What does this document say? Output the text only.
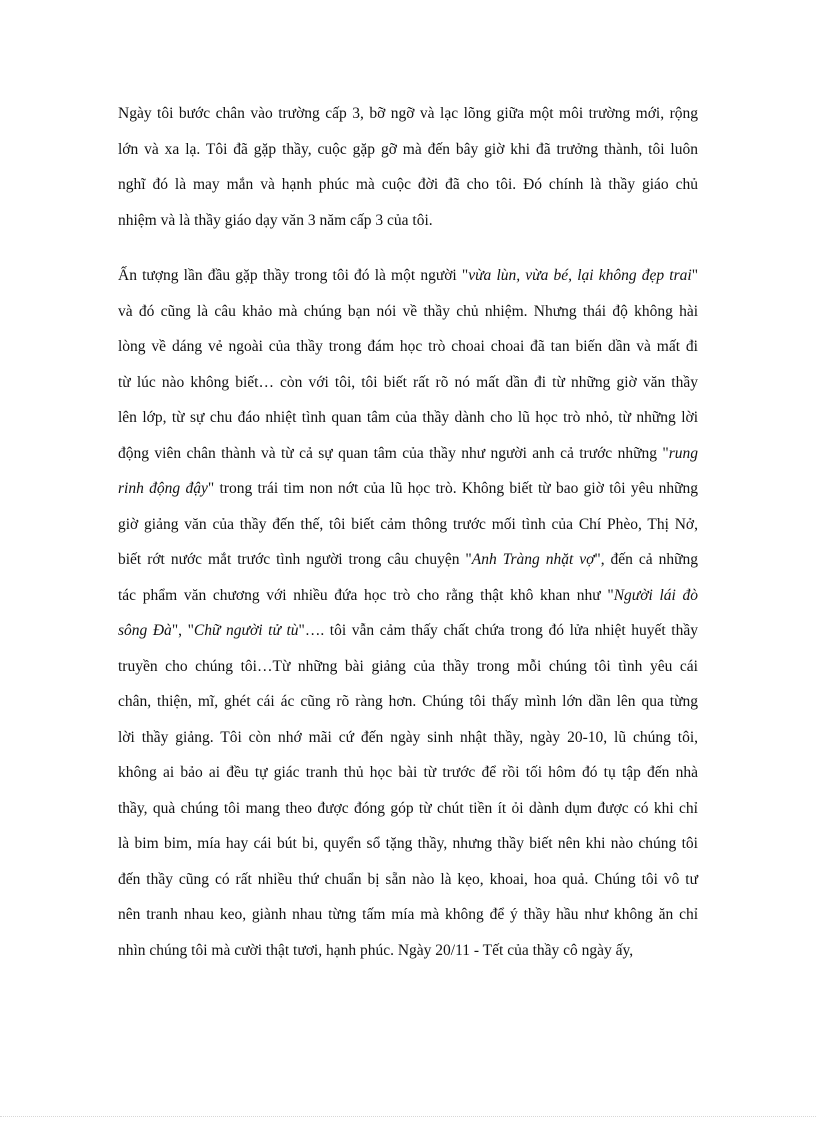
Ngày tôi bước chân vào trường cấp 3, bỡ ngỡ và lạc lõng giữa một môi trường mới, rộng
lớn và xa lạ. Tôi đã gặp thầy, cuộc gặp gỡ mà đến bây giờ khi đã trưởng thành, tôi luôn
nghĩ đó là may mắn và hạnh phúc mà cuộc đời đã cho tôi. Đó chính là thầy giáo chủ
nhiệm và là thầy giáo dạy văn 3 năm cấp 3 của tôi.
Ấn tượng lần đầu gặp thầy trong tôi đó là một người "vừa lùn, vừa bé, lại không đẹp trai"
và đó cũng là câu khảo mà chúng bạn nói về thầy chủ nhiệm. Nhưng thái độ không hài
lòng về dáng vẻ ngoài của thầy trong đám học trò choai choai đã tan biến dần và mất đi
từ lúc nào không biết… còn với tôi, tôi biết rất rõ nó mất dần đi từ những giờ văn thầy
lên lớp, từ sự chu đáo nhiệt tình quan tâm của thầy dành cho lũ học trò nhỏ, từ những lời
động viên chân thành và từ cả sự quan tâm của thầy như người anh cả trước những "rung
rinh động đậy" trong trái tim non nớt của lũ học trò. Không biết từ bao giờ tôi yêu những
giờ giảng văn của thầy đến thế, tôi biết cảm thông trước mối tình của Chí Phèo, Thị Nở,
biết rớt nước mắt trước tình người trong câu chuyện "Anh Tràng nhặt vợ", đến cả những
tác phẩm văn chương với nhiều đứa học trò cho rằng thật khô khan như "Người lái đò
sông Đà", "Chữ người tử tù"…. tôi vẫn cảm thấy chất chứa trong đó lửa nhiệt huyết thầy
truyền cho chúng tôi…Từ những bài giảng của thầy trong mỗi chúng tôi tình yêu cái
chân, thiện, mĩ, ghét cái ác cũng rõ ràng hơn. Chúng tôi thấy mình lớn dần lên qua từng
lời thầy giảng. Tôi còn nhớ mãi cứ đến ngày sinh nhật thầy, ngày 20-10, lũ chúng tôi,
không ai bảo ai đều tự giác tranh thủ học bài từ trước để rồi tối hôm đó tụ tập đến nhà
thầy, quà chúng tôi mang theo được đóng góp từ chút tiền ít ỏi dành dụm được có khi chỉ
là bim bim, mía hay cái bút bi, quyển sổ tặng thầy, nhưng thầy biết nên khi nào chúng tôi
đến thầy cũng có rất nhiều thứ chuẩn bị sẵn nào là kẹo, khoai, hoa quả. Chúng tôi vô tư
nên tranh nhau keo, giành nhau từng tấm mía mà không để ý thầy hầu như không ăn chỉ
nhìn chúng tôi mà cười thật tươi, hạnh phúc. Ngày 20/11 - Tết của thầy cô ngày ấy,
